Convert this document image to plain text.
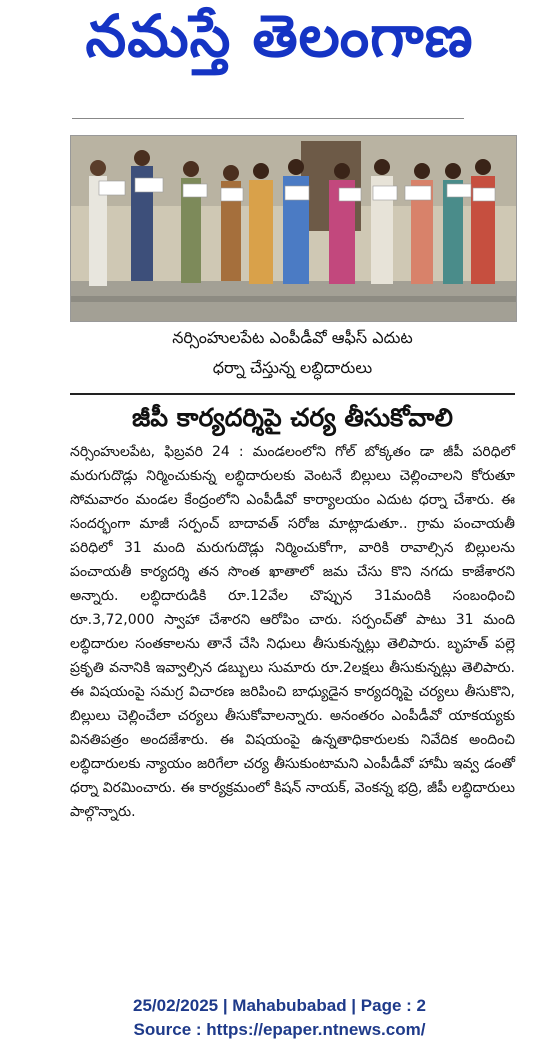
నమస్తే తెలంగాణ
నర్సింహులపేట ఎంపీడీవో ఆఫీస్ ఎదుట
ధర్నా చేస్తున్న లబ్ధిదారులు
జీపీ కార్యదర్శిపై చర్య తీసుకోవాలి
నర్సింహులపేట, ఫిబ్రవరి 24 : మండలంలోని గోల్ బోక్కతం డా జీపీ పరిధిలో మరుగుదొడ్లు నిర్మించుకున్న లబ్ధిదారులకు వెంటనే బిల్లులు చెల్లించాలని కోరుతూ సోమవారం మండల కేంద్రంలోని ఎంపీడీవో కార్యాలయం ఎదుట ధర్నా చేశారు. ఈ సందర్భంగా మాజీ సర్పంచ్ బాదావత్ సరోజ మాట్లాడుతూ.. గ్రామ పంచాయతీ పరిధిలో 31 మంది మరుగుదొడ్లు నిర్మించుకోగా, వారికి రావాల్సిన బిల్లులను పంచాయతీ కార్యదర్శి తన సొంత ఖాతాలో జమ చేసు కొని నగదు కాజేశారని అన్నారు. లబ్ధిదారుడికి రూ.12వేల చొప్పున 31మందికి సంబంధించి రూ.3,72,000 స్వాహా చేశారని ఆరోపిం చారు. సర్పంచ్‌తో పాటు 31 మంది లబ్ధిదారుల సంతకాలను తానే చేసి నిధులు తీసుకున్నట్లు తెలిపారు. బృహత్ పల్లె ప్రకృతి వనానికి ఇవ్వాల్సిన డబ్బులు సుమారు రూ.2లక్షలు తీసుకున్నట్లు తెలిపారు. ఈ విషయంపై సమగ్ర విచారణ జరిపించి బాధ్యుడైన కార్యదర్శిపై చర్యలు తీసుకొని, బిల్లులు చెల్లించేలా చర్యలు తీసుకోవాలన్నారు. అనంతరం ఎంపీడీవో యాకయ్యకు వినతిపత్రం అందజేశారు. ఈ విషయంపై ఉన్నతాధికారులకు నివేదిక అందించి లబ్ధిదారులకు న్యాయం జరిగేలా చర్య తీసుకుంటామని ఎంపీడీవో హామీ ఇవ్వ డంతో ధర్నా విరమించారు. ఈ కార్యక్రమంలో కిషన్ నాయక్, వెంకన్న భద్రి, జీపీ లబ్ధిదారులు పాల్గొన్నారు.
25/02/2025 | Mahabubabad | Page : 2
Source : https://epaper.ntnews.com/
